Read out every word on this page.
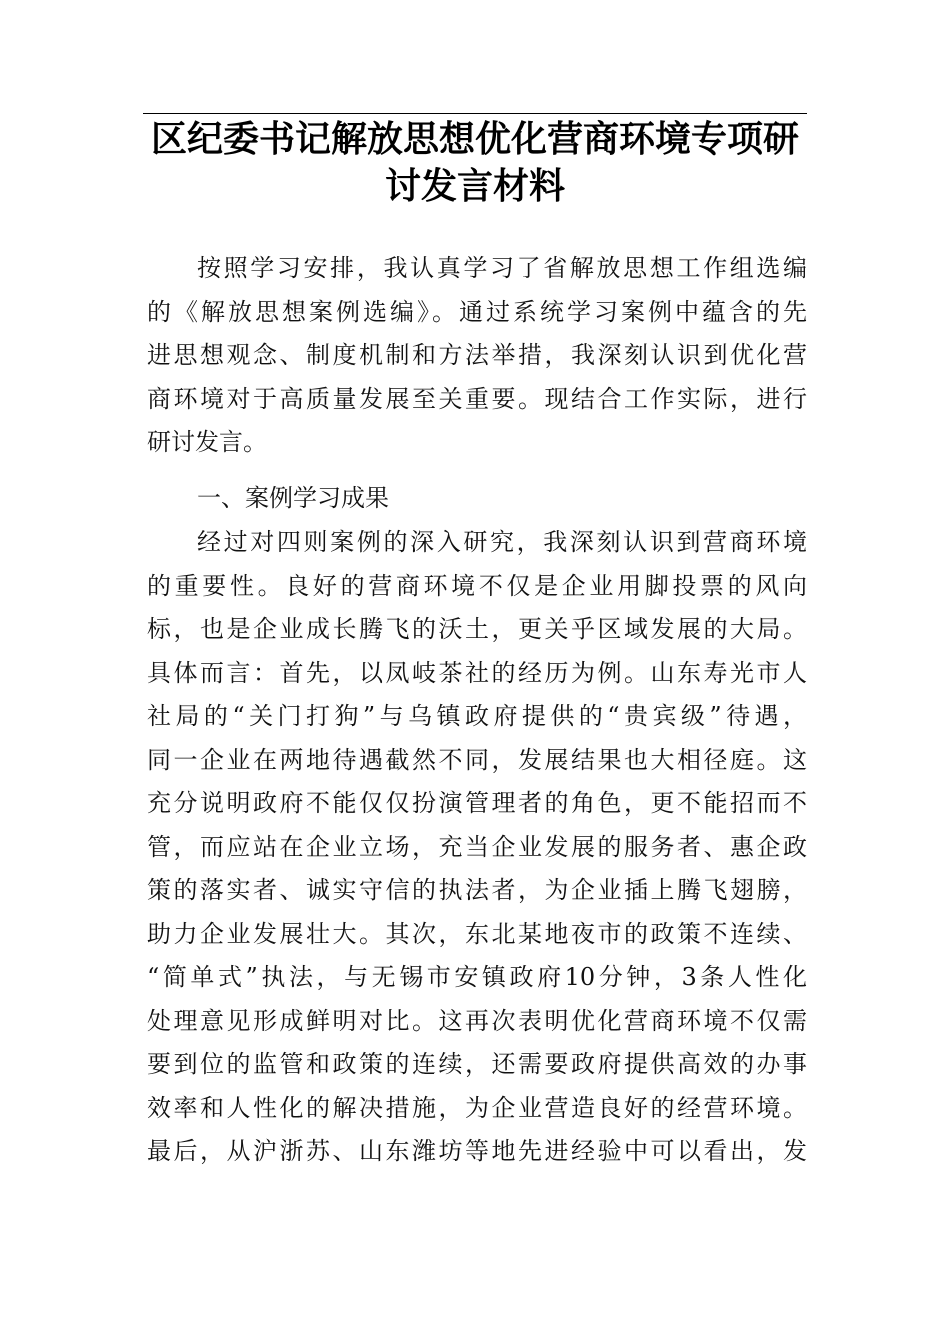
区纪委书记解放思想优化营商环境专项研
讨发言材料
按照学习安排，我认真学习了省解放思想工作组选编
的《解放思想案例选编》。通过系统学习案例中蕴含的先
进思想观念、制度机制和方法举措，我深刻认识到优化营
商环境对于高质量发展至关重要。现结合工作实际，进行
研讨发言。
一、案例学习成果
经过对四则案例的深入研究，我深刻认识到营商环境
的重要性。良好的营商环境不仅是企业用脚投票的风向
标，也是企业成长腾飞的沃土，更关乎区域发展的大局。
具体而言：首先，以凤岐茶社的经历为例。山东寿光市人
社局的“关门打狗”与乌镇政府提供的“贵宾级”待遇，
同一企业在两地待遇截然不同，发展结果也大相径庭。这
充分说明政府不能仅仅扮演管理者的角色，更不能招而不
管，而应站在企业立场，充当企业发展的服务者、惠企政
策的落实者、诚实守信的执法者，为企业插上腾飞翅膀，
助力企业发展壮大。其次，东北某地夜市的政策不连续、
“简单式”执法，与无锡市安镇政府10分钟，3条人性化
处理意见形成鲜明对比。这再次表明优化营商环境不仅需
要到位的监管和政策的连续，还需要政府提供高效的办事
效率和人性化的解决措施，为企业营造良好的经营环境。
最后，从沪浙苏、山东潍坊等地先进经验中可以看出，发
